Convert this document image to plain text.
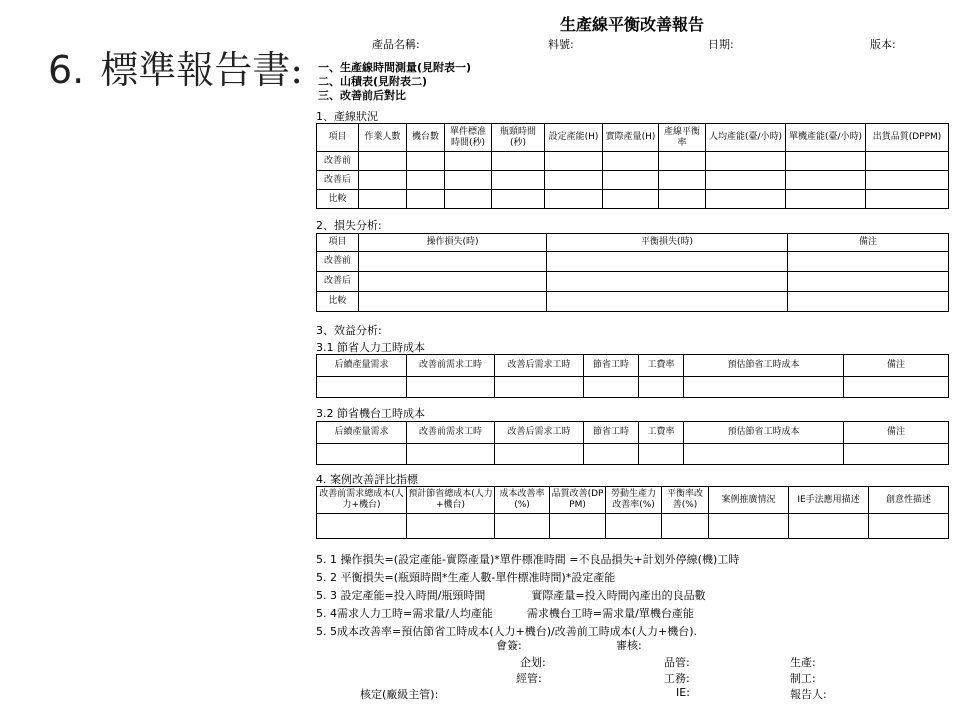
6. 標準報告書:
生產線平衡改善報告
產品名稱:	料號:	日期:	版本:
一、生產線時間測量(見附表一)
二、山積表(見附表二)
三、改善前后對比
1、產線狀況
項目	作業人數	機台數	單件標准時間(秒)	瓶頸時間(秒)	設定產能(H)	實際產量(H)	產線平衡率	人均產能(臺/小時)	單機產能(臺/小時)	出貨品質(DPPM)
改善前										
改善后										
比較										
2、損失分析:
項目	操作損失(時)	平衡損失(時)	備注
改善前			
改善后			
比較			
3、效益分析:
3.1 節省人力工時成本
后續產量需求	改善前需求工時	改善后需求工時	節省工時	工費率	預估節省工時成本	備注

3.2 節省機台工時成本
后續產量需求	改善前需求工時	改善后需求工時	節省工時	工費率	預估節省工時成本	備注

4. 案例改善評比指標
改善前需求總成本(人力+機台)	預計節省總成本(人力+機台)	成本改善率(%)	品質改善(DPPM)	勞動生產力改善率(%)	平衡率改善(%)	案例推廣情況	IE手法應用描述	創意性描述

5. 1 操作損失=(設定產能-實際產量)*單件標准時間 =不良品損失+計划外停線(機)工時
5. 2 平衡損失=(瓶頸時間*生產人數-單件標准時間)*設定產能
5. 3 設定產能=投入時間/瓶頸時間	實際產量=投入時間內產出的良品數
5. 4需求人力工時=需求量/人均產能	需求機台工時=需求量/單機台產能
5. 5成本改善率=預估節省工時成本(人力+機台)/改善前工時成本(人力+機台).
會簽:	審核:
企划:	品管:	生產:
經管:	工務:	制工:
核定(廠級主管):	IE:	報告人:
